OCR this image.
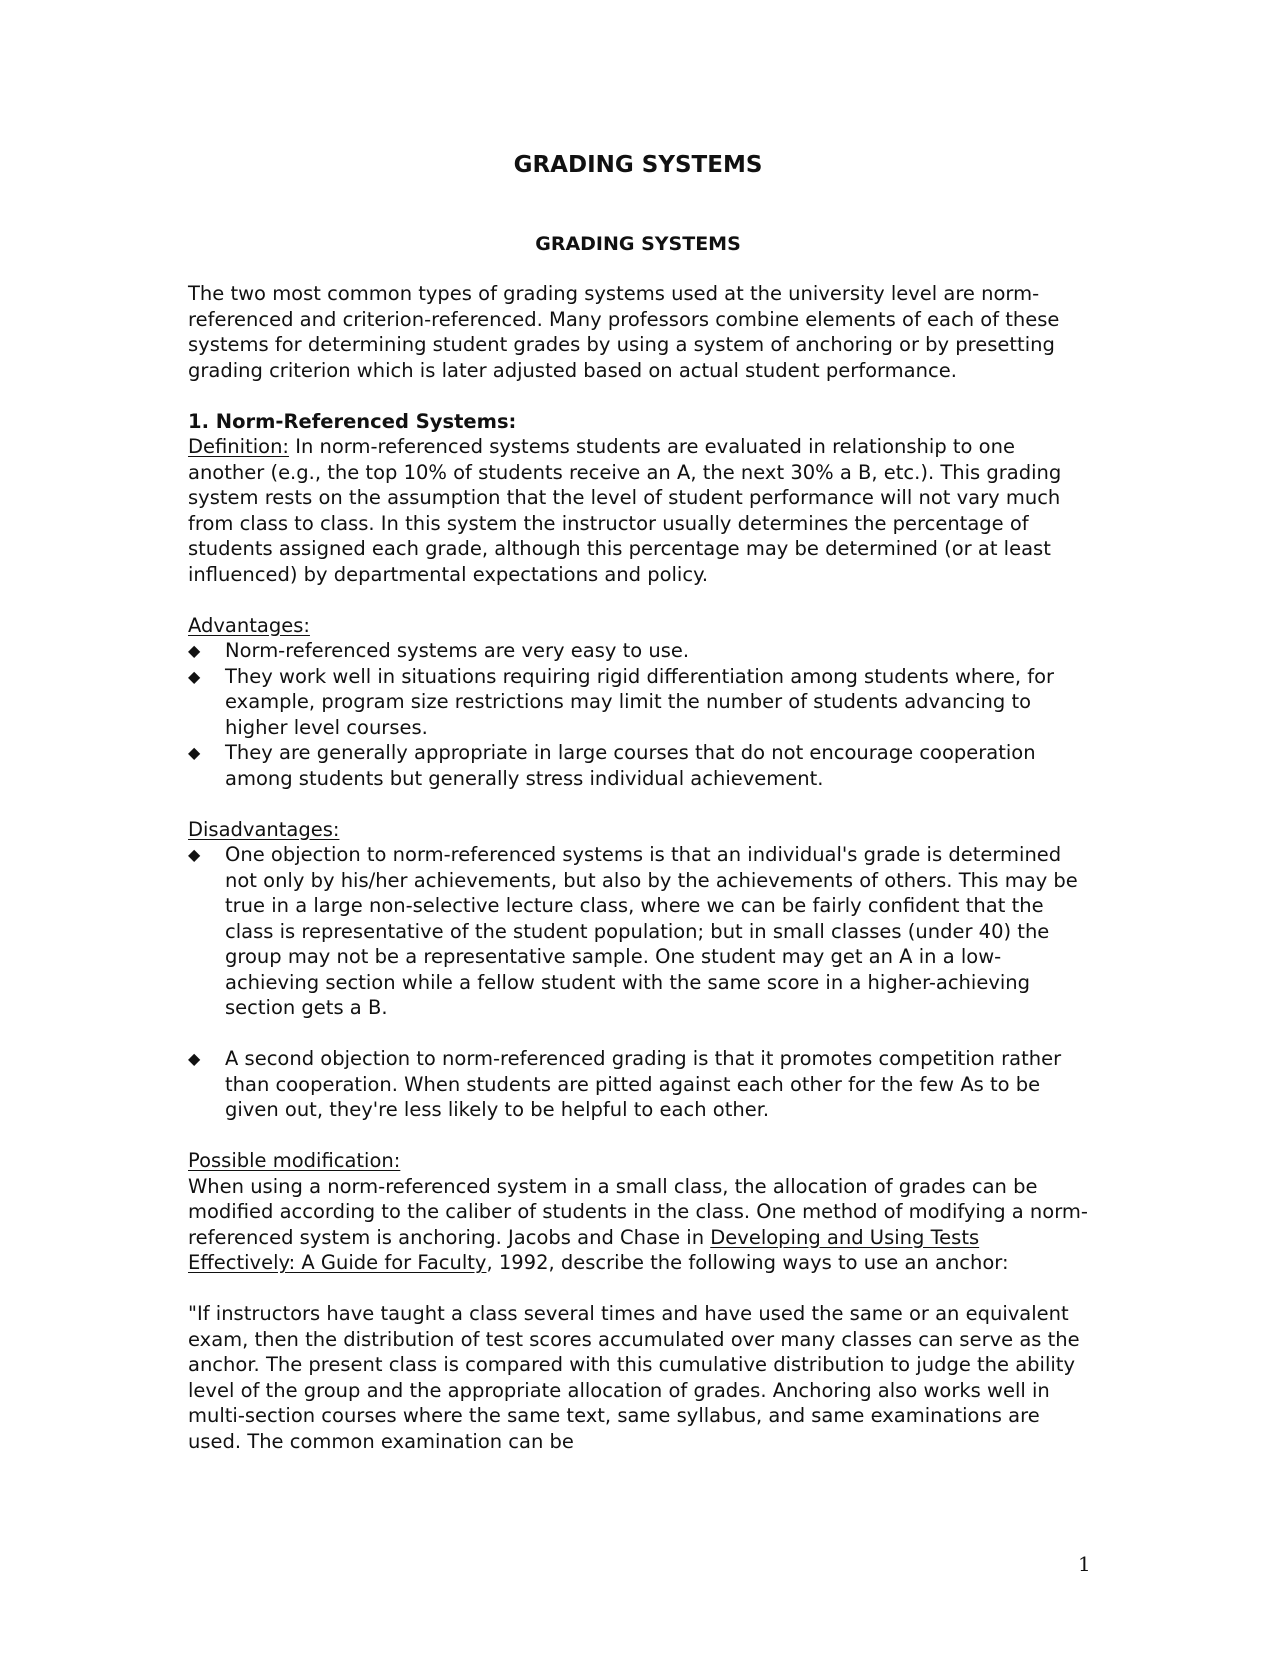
GRADING SYSTEMS
GRADING SYSTEMS

The two most common types of grading systems used at the university level are norm-referenced and criterion-referenced. Many professors combine elements of each of these systems for determining student grades by using a system of anchoring or by presetting grading criterion which is later adjusted based on actual student performance.

1. Norm-Referenced Systems:

Definition: In norm-referenced systems students are evaluated in relationship to one another (e.g., the top 10% of students receive an A, the next 30% a B, etc.). This grading system rests on the assumption that the level of student performance will not vary much from class to class. In this system the instructor usually determines the percentage of students assigned each grade, although this percentage may be determined (or at least influenced) by departmental expectations and policy.

Advantages:

◆ Norm-referenced systems are very easy to use.
◆ They work well in situations requiring rigid differentiation among students where, for example, program size restrictions may limit the number of students advancing to higher level courses.
◆ They are generally appropriate in large courses that do not encourage cooperation among students but generally stress individual achievement.

Disadvantages:

◆ One objection to norm-referenced systems is that an individual's grade is determined not only by his/her achievements, but also by the achievements of others. This may be true in a large non-selective lecture class, where we can be fairly confident that the class is representative of the student population; but in small classes (under 40) the group may not be a representative sample. One student may get an A in a low-achieving section while a fellow student with the same score in a higher-achieving section gets a B.
◆ A second objection to norm-referenced grading is that it promotes competition rather than cooperation. When students are pitted against each other for the few As to be given out, they're less likely to be helpful to each other.

Possible modification:

When using a norm-referenced system in a small class, the allocation of grades can be modified according to the caliber of students in the class. One method of modifying a norm-referenced system is anchoring. Jacobs and Chase in Developing and Using Tests Effectively: A Guide for Faculty, 1992, describe the following ways to use an anchor:

"If instructors have taught a class several times and have used the same or an equivalent exam, then the distribution of test scores accumulated over many classes can serve as the anchor. The present class is compared with this cumulative distribution to judge the ability level of the group and the appropriate allocation of grades. Anchoring also works well in multi-section courses where the same text, same syllabus, and same examinations are used. The common examination can be

1
